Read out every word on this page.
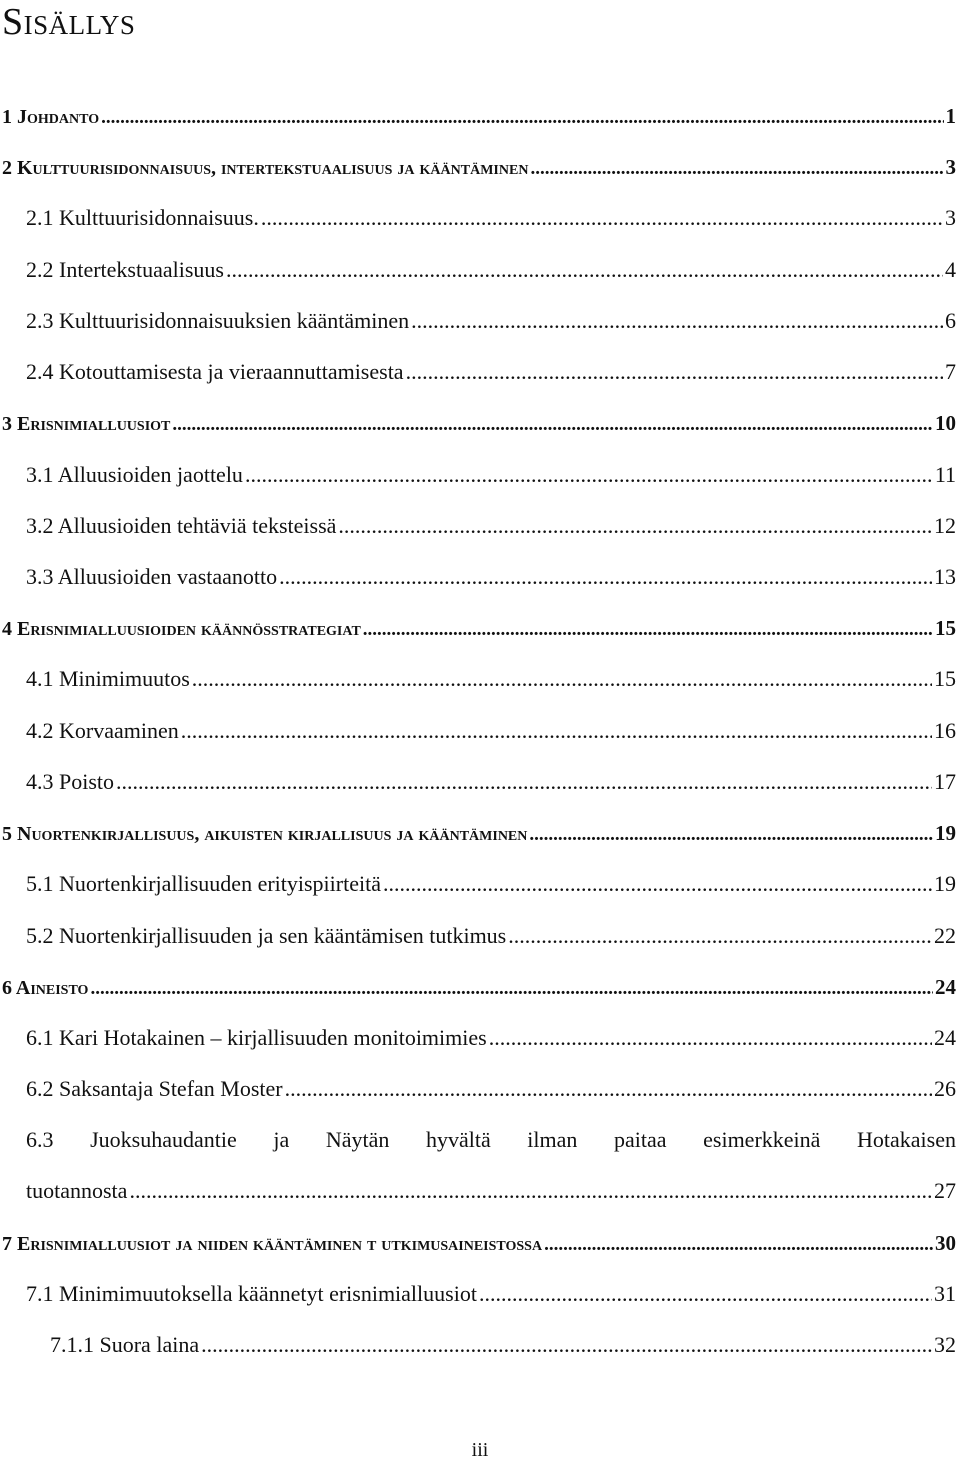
Sisällys
1 Johdanto .....	1
2 Kulttuurisidonnaisuus, intertekstuaalisuus ja kääntäminen .....	3
2.1 Kulttuurisidonnaisuus. .....	3
2.2 Intertekstuaalisuus .....	4
2.3 Kulttuurisidonnaisuuksien kääntäminen .....	6
2.4 Kotouttamisesta ja vieraannuttamisesta .....	7
3 Erisnimialluusiot .....	10
3.1 Alluusioiden jaottelu .....	11
3.2 Alluusioiden tehtäviä teksteissä .....	12
3.3 Alluusioiden vastaanotto .....	13
4 Erisnimialluusioiden käännösstrategiat .....	15
4.1 Minimimuutos .....	15
4.2 Korvaaminen .....	16
4.3 Poisto .....	17
5 Nuortenkirjallisuus, aikuisten kirjallisuus ja kääntäminen .....	19
5.1 Nuortenkirjallisuuden erityispiirteitä .....	19
5.2 Nuortenkirjallisuuden ja sen kääntämisen tutkimus .....	22
6 Aineisto .....	24
6.1 Kari Hotakainen – kirjallisuuden monitoimimies .....	24
6.2 Saksantaja Stefan Moster .....	26
6.3 Juoksuhaudantie ja Näytän hyvältä ilman paitaa esimerkkeinä Hotakaisen
tuotannosta .....	27
7 Erisnimialluusiot ja niiden kääntäminen t utkimusaineistossa .....	30
7.1 Minimimuutoksella käännetyt erisnimialluusiot .....	31
7.1.1 Suora laina .....	32
iii
